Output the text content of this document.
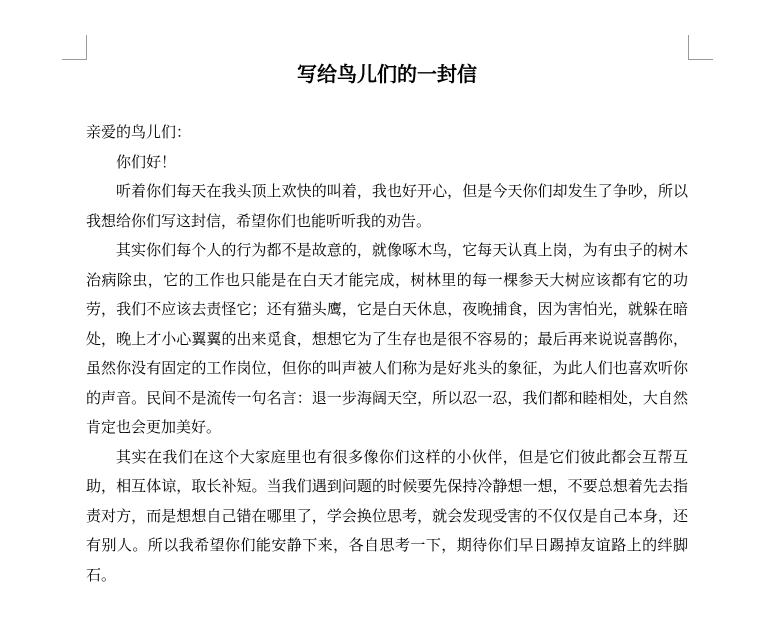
写给鸟儿们的一封信

亲爱的鸟儿们：

你们好！

听着你们每天在我头顶上欢快的叫着，我也好开心，但是今天你们却发生了争吵，所以我想给你们写这封信，希望你们也能听听我的劝告。

其实你们每个人的行为都不是故意的，就像啄木鸟，它每天认真上岗，为有虫子的树木治病除虫，它的工作也只能是在白天才能完成，树林里的每一棵参天大树应该都有它的功劳，我们不应该去责怪它；还有猫头鹰，它是白天休息，夜晚捕食，因为害怕光，就躲在暗处，晚上才小心翼翼的出来觅食，想想它为了生存也是很不容易的；最后再来说说喜鹊你，虽然你没有固定的工作岗位，但你的叫声被人们称为是好兆头的象征，为此人们也喜欢听你的声音。民间不是流传一句名言：退一步海阔天空，所以忍一忍，我们都和睦相处，大自然肯定也会更加美好。

其实在我们在这个大家庭里也有很多像你们这样的小伙伴，但是它们彼此都会互帮互助，相互体谅，取长补短。当我们遇到问题的时候要先保持冷静想一想，不要总想着先去指责对方，而是想想自己错在哪里了，学会换位思考，就会发现受害的不仅仅是自己本身，还有别人。所以我希望你们能安静下来，各自思考一下，期待你们早日踢掉友谊路上的绊脚石。
